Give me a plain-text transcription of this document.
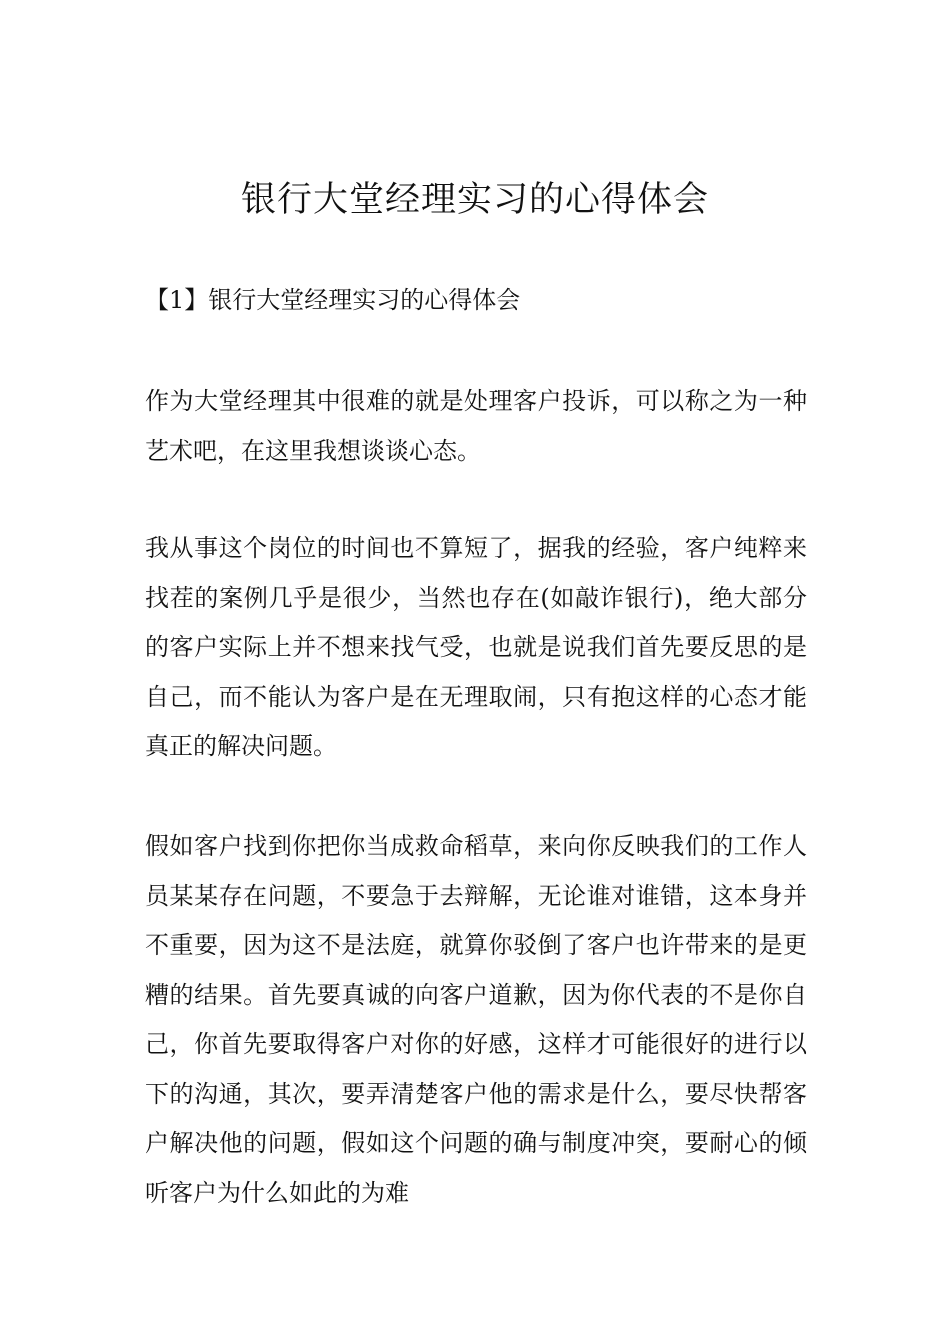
银行大堂经理实习的心得体会

【1】银行大堂经理实习的心得体会

作为大堂经理其中很难的就是处理客户投诉，可以称之为一种艺术吧，在这里我想谈谈心态。

我从事这个岗位的时间也不算短了，据我的经验，客户纯粹来找茬的案例几乎是很少，当然也存在(如敲诈银行)，绝大部分的客户实际上并不想来找气受，也就是说我们首先要反思的是自己，而不能认为客户是在无理取闹，只有抱这样的心态才能真正的解决问题。

假如客户找到你把你当成救命稻草，来向你反映我们的工作人员某某存在问题，不要急于去辩解，无论谁对谁错，这本身并不重要，因为这不是法庭，就算你驳倒了客户也许带来的是更糟的结果。首先要真诚的向客户道歉，因为你代表的不是你自己，你首先要取得客户对你的好感，这样才可能很好的进行以下的沟通，其次，要弄清楚客户他的需求是什么，要尽快帮客户解决他的问题，假如这个问题的确与制度冲突，要耐心的倾听客户为什么如此的为难
